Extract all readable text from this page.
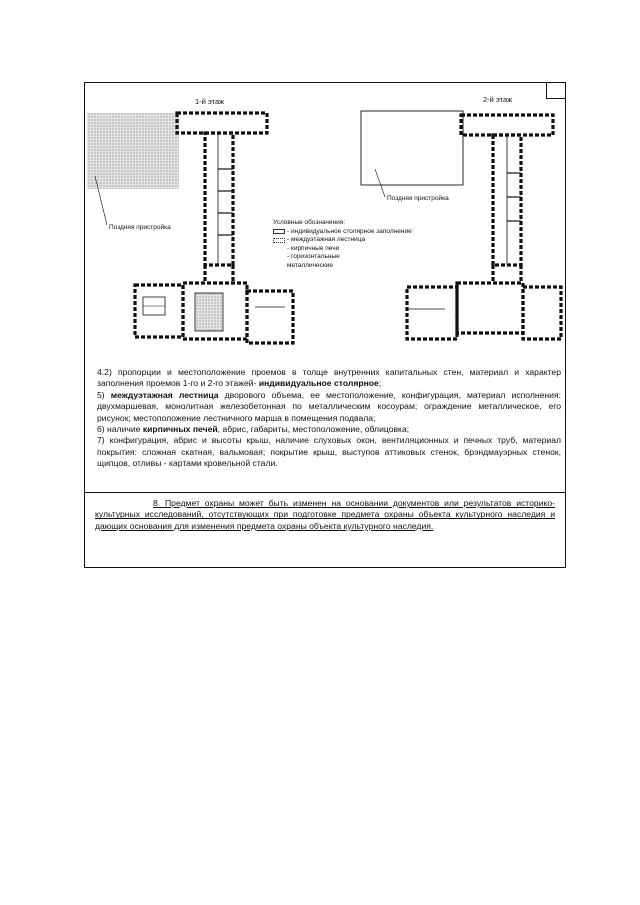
1-й этаж	2-й этаж
Поздняя пристройка
Поздняя пристройка
Условные обозначения:
- индивидуальное столярное заполнение
- междуэтажная лестница
- кирпичные печи
- горизонтальные
металлические

4.2) пропорции и местоположение проемов в толще внутренних капитальных стен, материал и характер заполнения проемов 1-го и 2-го этажей- индивидуальное столярное;

5) междуэтажная лестница дворового объема, ее местоположение, конфигурация, материал исполнения: двухмаршевая, монолитная железобетонная по металлическим косоурам; ограждение металлическое, его рисунок; местоположение лестничного марша в помещения подвала;

6) наличие кирпичных печей, абрис, габариты, местоположение, облицовка;

7) конфигурация, абрис и высоты крыш, наличие слуховых окон, вентиляционных и печных труб, материал покрытия: сложная скатная, вальмовая; покрытие крыш, выступов аттиковых стенок, брэндмауэрных стенок, щипцов, отливы - картами кровельной стали.

8. Предмет охраны может быть изменен на основании документов или результатов историко-культурных исследований, отсутствующих при подготовке предмета охраны объекта культурного наследия и дающих основания для изменения предмета охраны объекта культурного наследия.
